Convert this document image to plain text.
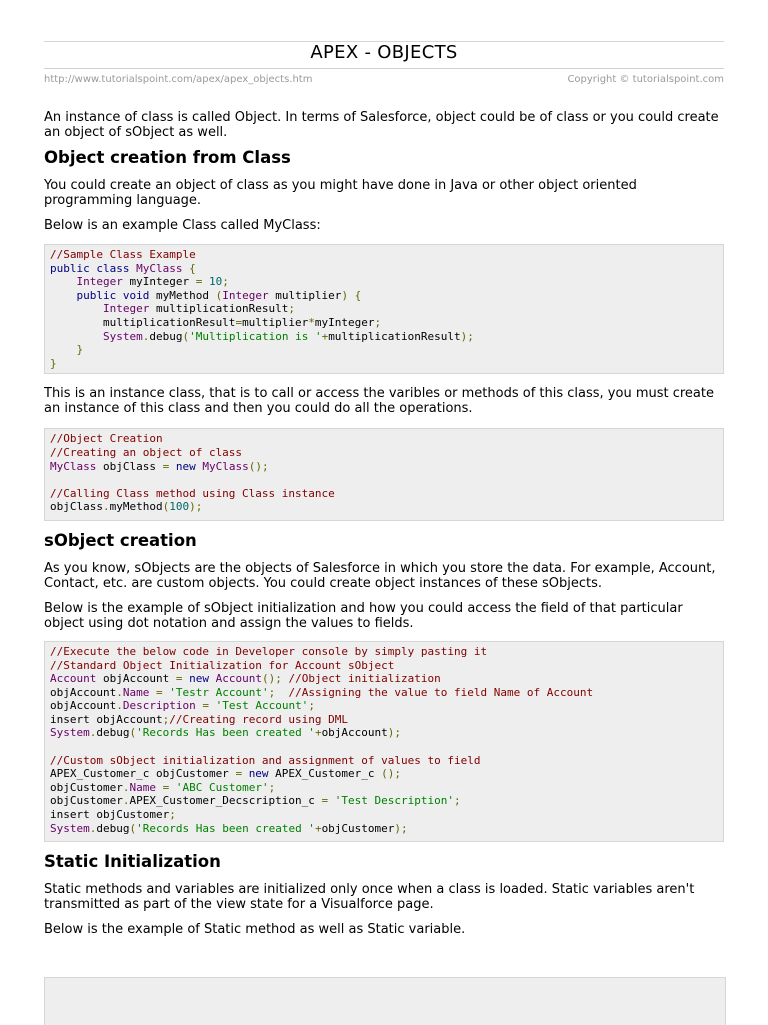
APEX - OBJECTS
http://www.tutorialspoint.com/apex/apex_objects.htm	Copyright © tutorialspoint.com

An instance of class is called Object. In terms of Salesforce, object could be of class or you could create an object of sObject as well.

Object creation from Class

You could create an object of class as you might have done in Java or other object oriented programming language.

Below is an example Class called MyClass:

//Sample Class Example
public class MyClass {
Integer myInteger = 10;
public void myMethod (Integer multiplier) {
Integer multiplicationResult;
multiplicationResult=multiplier*myInteger;
System.debug('Multiplication is '+multiplicationResult);
}
}

This is an instance class, that is to call or access the varibles or methods of this class, you must create an instance of this class and then you could do all the operations.

//Object Creation
//Creating an object of class
MyClass objClass = new MyClass();

//Calling Class method using Class instance
objClass.myMethod(100);
sObject creation

As you know, sObjects are the objects of Salesforce in which you store the data. For example, Account, Contact, etc. are custom objects. You could create object instances of these sObjects.

Below is the example of sObject initialization and how you could access the field of that particular object using dot notation and assign the values to fields.

//Execute the below code in Developer console by simply pasting it
//Standard Object Initialization for Account sObject
Account objAccount = new Account(); //Object initialization
objAccount.Name = 'Testr Account'; //Assigning the value to field Name of Account
objAccount.Description = 'Test Account';
insert objAccount;//Creating record using DML
System.debug('Records Has been created '+objAccount);

//Custom sObject initialization and assignment of values to field
APEX_Customer_c objCustomer = new APEX_Customer_c ();
objCustomer.Name = 'ABC Customer';
objCustomer.APEX_Customer_Decscription_c = 'Test Description';
insert objCustomer;
System.debug('Records Has been created '+objCustomer);
Static Initialization

Static methods and variables are initialized only once when a class is loaded. Static variables aren't transmitted as part of the view state for a Visualforce page.

Below is the example of Static method as well as Static variable.
